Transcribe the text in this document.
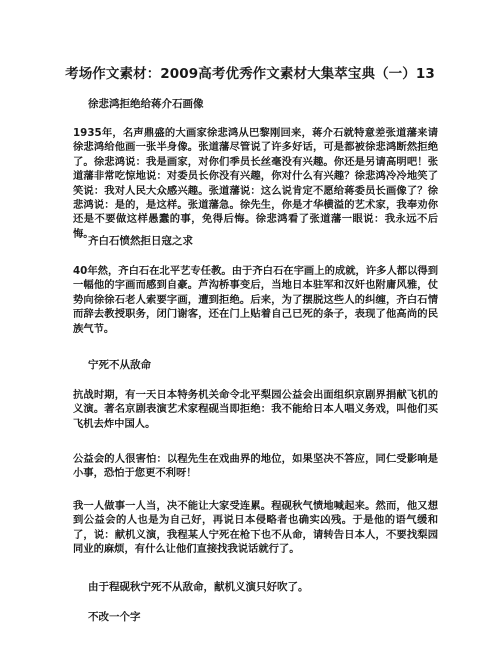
考场作文素材：2009高考优秀作文素材大集萃宝典（一）13
徐悲鸿拒绝给蒋介石画像

1935年，名声鼎盛的大画家徐悲鸿从巴黎刚回来，蒋介石就特意差张道藩来请徐悲鸿给他画一张半身像。张道藩尽管说了许多好话，可是都被徐悲鸿断然拒绝了。徐悲鸿说：我是画家，对你们季员长丝毫没有兴趣。你还是另请高明吧！张道藩非常吃惊地说：对委员长你没有兴趣，你对什么有兴趣？徐悲鸿冷冷地笑了笑说：我对人民大众感兴趣。张道藩说：这么说肯定不愿给蒋委员长画像了？徐悲鸿说：是的，是这样。张道藩急。徐先生，你是才华横溢的艺术家，我奉劝你还是不要做这样愚蠢的事，免得后悔。徐悲鸿看了张道藩一眼说：我永远不后悔。

齐白石愤然拒日寇之求

40年然，齐白石在北平艺专任教。由于齐白石在宇画上的成就，许多人都以得到一幅他的字画而感到自豪。芦沟桥事变后，当地日本驻军和汉奸也附庸风雅，仗势向徐徐石老人索要字画，遭到拒绝。后来，为了摆脱这些人的纠缠，齐白石情而辞去教授职务，闭门谢客，还在门上贴着自己已死的条子，表现了他高尚的民族气节。

宁死不从敌命

抗战时期，有一天日本特务机关命令北平梨园公益会出面组织京剧界捐献飞机的义演。著名京剧表演艺术家程砚当即拒绝：我不能给日本人唱义务戏，叫他们买飞机去炸中国人。

公益会的人很害怕：以程先生在戏曲界的地位，如果坚决不答应，同仁受影响是小事，恐怕于您更不利呀！

我一人做事一人当，决不能让大家受连累。程砚秋气愤地喊起来。然而，他又想到公益会的人也是为自己好，再说日本侵略者也确实凶残。于是他的语气缓和了，说：献机义演，我程某人宁死在枪下也不从命，请转告日本人，不要找梨园同业的麻烦，有什么让他们直接找我说话就行了。

由于程砚秋宁死不从敌命，献机义演只好吹了。
不改一个字
